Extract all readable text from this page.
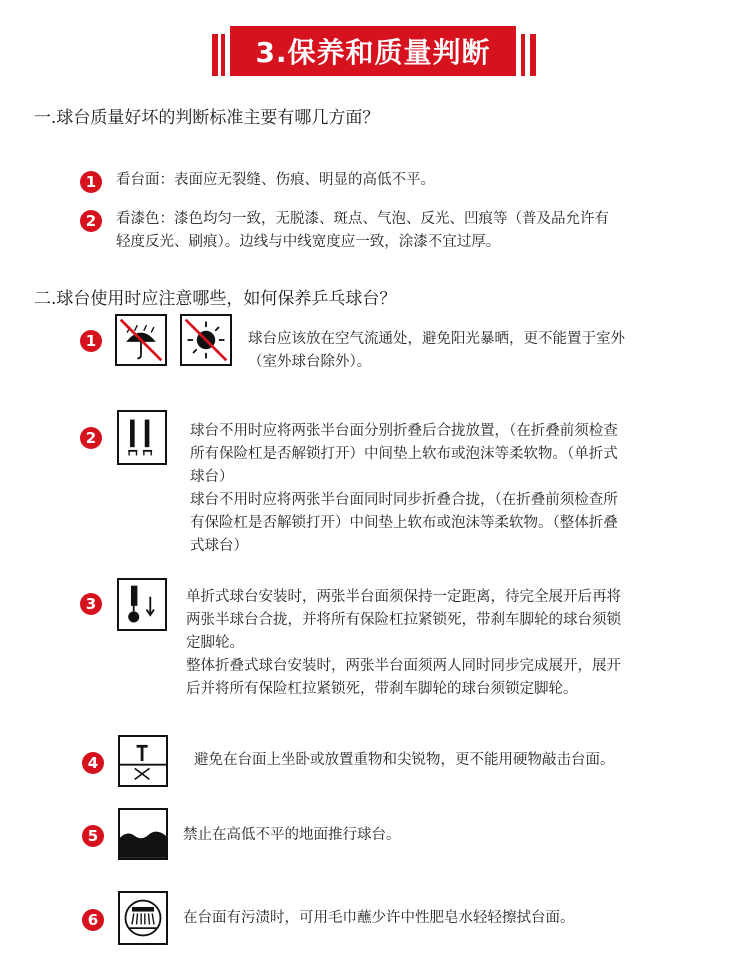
3.保养和质量判断
一.球台质量好坏的判断标准主要有哪几方面？
1	看台面：表面应无裂缝、伤痕、明显的高低不平。
2	看漆色：漆色均匀一致，无脱漆、斑点、气泡、反光、凹痕等（普及品允许有
轻度反光、刷痕）。边线与中线宽度应一致，涂漆不宜过厚。
二.球台使用时应注意哪些，如何保养乒乓球台？
1	球台应该放在空气流通处，避免阳光暴晒，更不能置于室外
（室外球台除外）。
2	球台不用时应将两张半台面分别折叠后合拢放置，（在折叠前须检查
所有保险杠是否解锁打开）中间垫上软布或泡沫等柔软物。（单折式
球台）
球台不用时应将两张半台面同时同步折叠合拢，（在折叠前须检查所
有保险杠是否解锁打开）中间垫上软布或泡沫等柔软物。（整体折叠
式球台）
3	单折式球台安装时，两张半台面须保持一定距离，待完全展开后再将
两张半球台合拢，并将所有保险杠拉紧锁死，带刹车脚轮的球台须锁
定脚轮。
整体折叠式球台安装时，两张半台面须两人同时同步完成展开，展开
后并将所有保险杠拉紧锁死，带刹车脚轮的球台须锁定脚轮。
4	避免在台面上坐卧或放置重物和尖锐物，更不能用硬物敲击台面。
5	禁止在高低不平的地面推行球台。
6	在台面有污渍时，可用毛巾蘸少许中性肥皂水轻轻擦拭台面。
